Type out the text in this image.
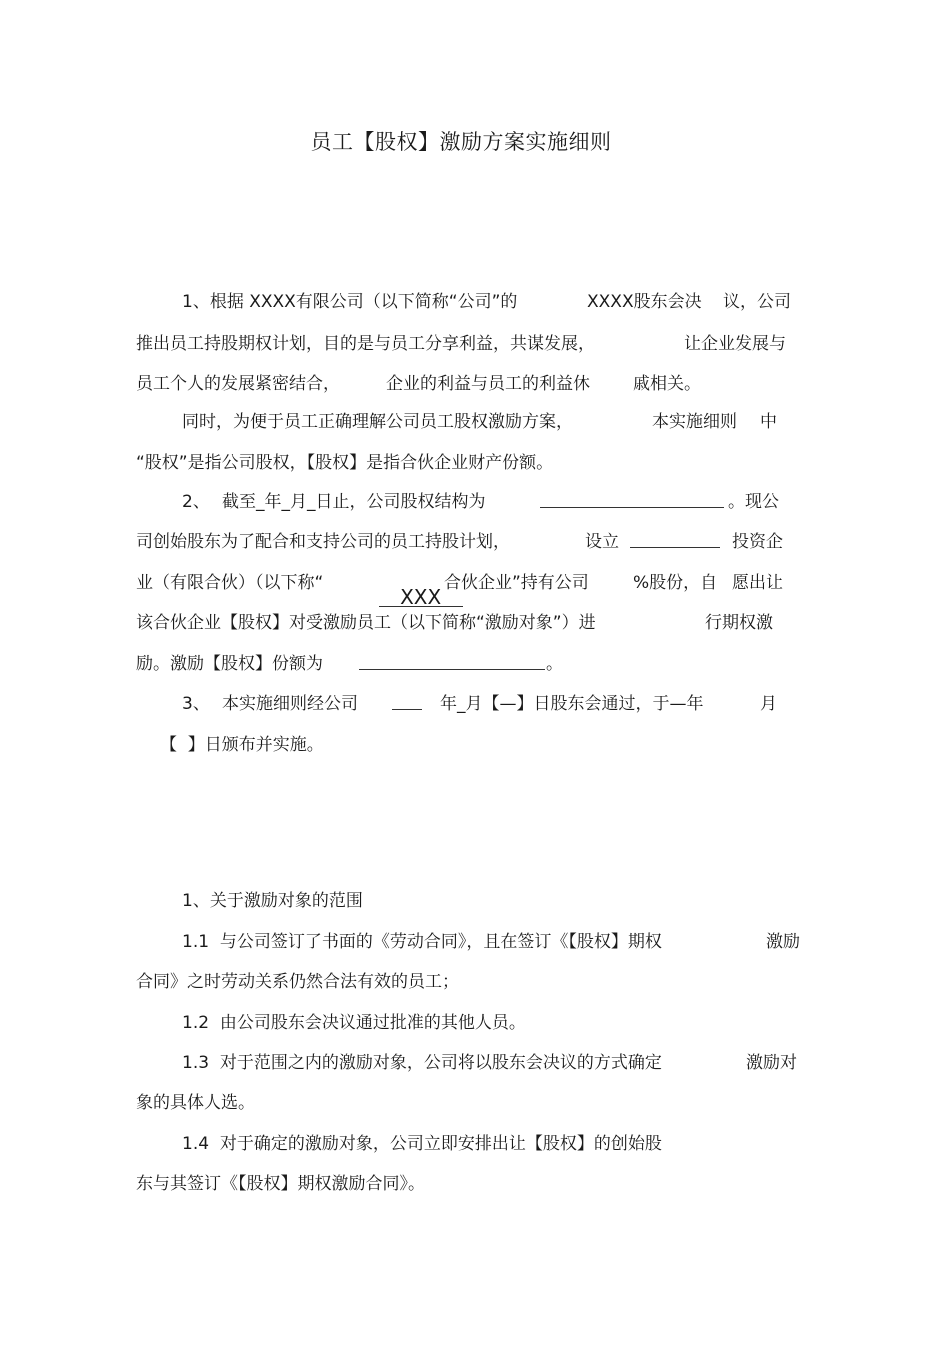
员工【股权】激励方案实施细则
1、根据 XXXX有限公司（以下简称“公司”的	XXXX股东会决 议，公司
推出员工持股期权计划，目的是与员工分享利益，共谋发展，	让企业发展与
员工个人的发展紧密结合，	企业的利益与员工的利益休	戚相关。
同时，为便于员工正确理解公司员工股权激励方案，	本实施细则 中
“股权”是指公司股权，【股权】是指合伙企业财产份额。
2、 截至_年_月_日止，公司股权结构为	。现公
司创始股东为了配合和支持公司的员工持股计划，	设立	投资企
业（有限合伙）（以下称“

XXX

合伙企业”持有公司	%股份，自 愿出让
该合伙企业【股权】对受激励员工（以下简称“激励对象”）进	行期权激
励。激励【股权】份额为	。
3、 本实施细则经公司	年_月【—】日股东会通过，于—年	月
【  】日颁布并实施。
1、关于激励对象的范围
1.1  与公司签订了书面的《劳动合同》，且在签订《【股权】期权	激励
合同》之时劳动关系仍然合法有效的员工；
1.2  由公司股东会决议通过批准的其他人员。
1.3  对于范围之内的激励对象，公司将以股东会决议的方式确定	激励对
象的具体人选。
1.4  对于确定的激励对象，公司立即安排出让【股权】的创始股
东与其签订《【股权】期权激励合同》。
